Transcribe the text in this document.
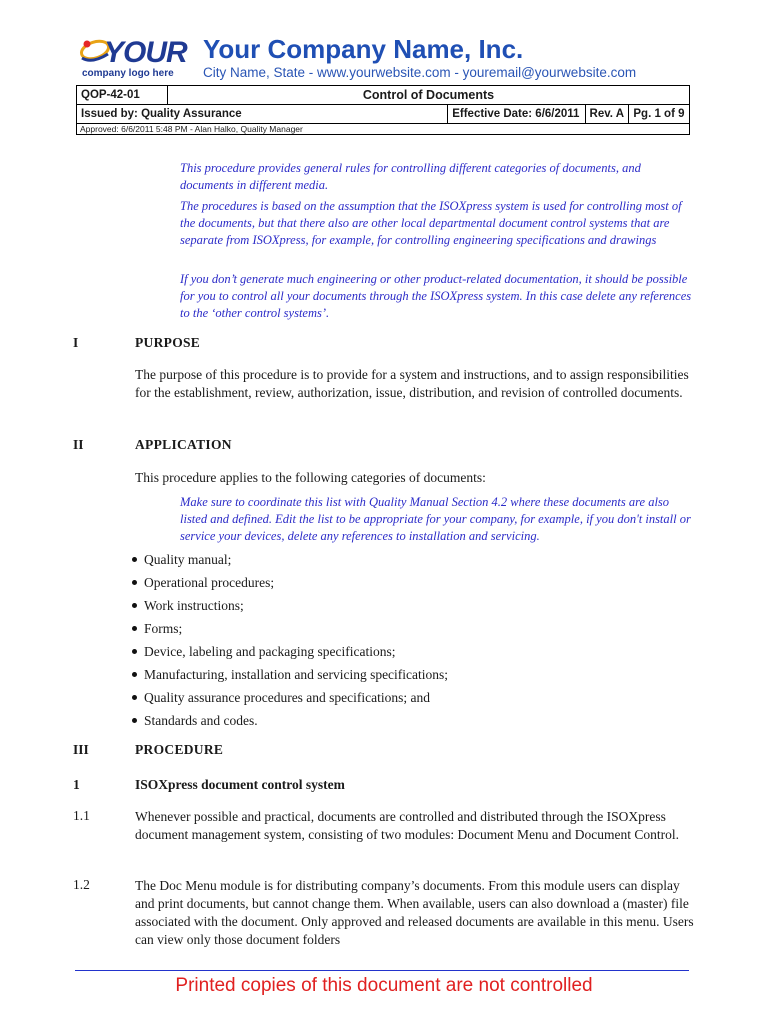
YOUR
company logo here
Your Company Name, Inc.
City Name, State - www.yourwebsite.com - youremail@yourwebsite.com
QOP-42-01	Control of Documents			
Issued by: Quality Assurance		Effective Date: 6/6/2011	Rev. A	Pg. 1 of 9
Approved: 6/6/2011 5:48 PM - Alan Halko, Quality Manager				
This procedure provides general rules for controlling different categories of documents, and documents in different media.
The procedures is based on the assumption that the ISOXpress system is used for controlling most of the documents, but that there also are other local departmental document control systems that are separate from ISOXpress, for example, for controlling engineering specifications and drawings
If you don’t generate much engineering or other product-related documentation, it should be possible for you to control all your documents through the ISOXpress system. In this case delete any references to the ‘other control systems’.
I	PURPOSE
The purpose of this procedure is to provide for a system and instructions, and to assign responsibilities for the establishment, review, authorization, issue, distribution, and revision of controlled documents.
II	APPLICATION
This procedure applies to the following categories of documents:
Make sure to coordinate this list with Quality Manual Section 4.2 where these documents are also listed and defined. Edit the list to be appropriate for your company, for example, if you don't install or service your devices, delete any references to installation and servicing.
Quality manual;
Operational procedures;
Work instructions;
Forms;
Device, labeling and packaging specifications;
Manufacturing, installation and servicing specifications;
Quality assurance procedures and specifications; and
Standards and codes.
III	PROCEDURE
1	ISOXpress document control system
1.1	Whenever possible and practical, documents are controlled and distributed through the ISOXpress document management system, consisting of two modules: Document Menu and Document Control.
1.2	The Doc Menu module is for distributing company’s documents. From this module users can display and print documents, but cannot change them. When available, users can also download a (master) file associated with the document. Only approved and released documents are available in this menu. Users can view only those document folders
Printed copies of this document are not controlled
